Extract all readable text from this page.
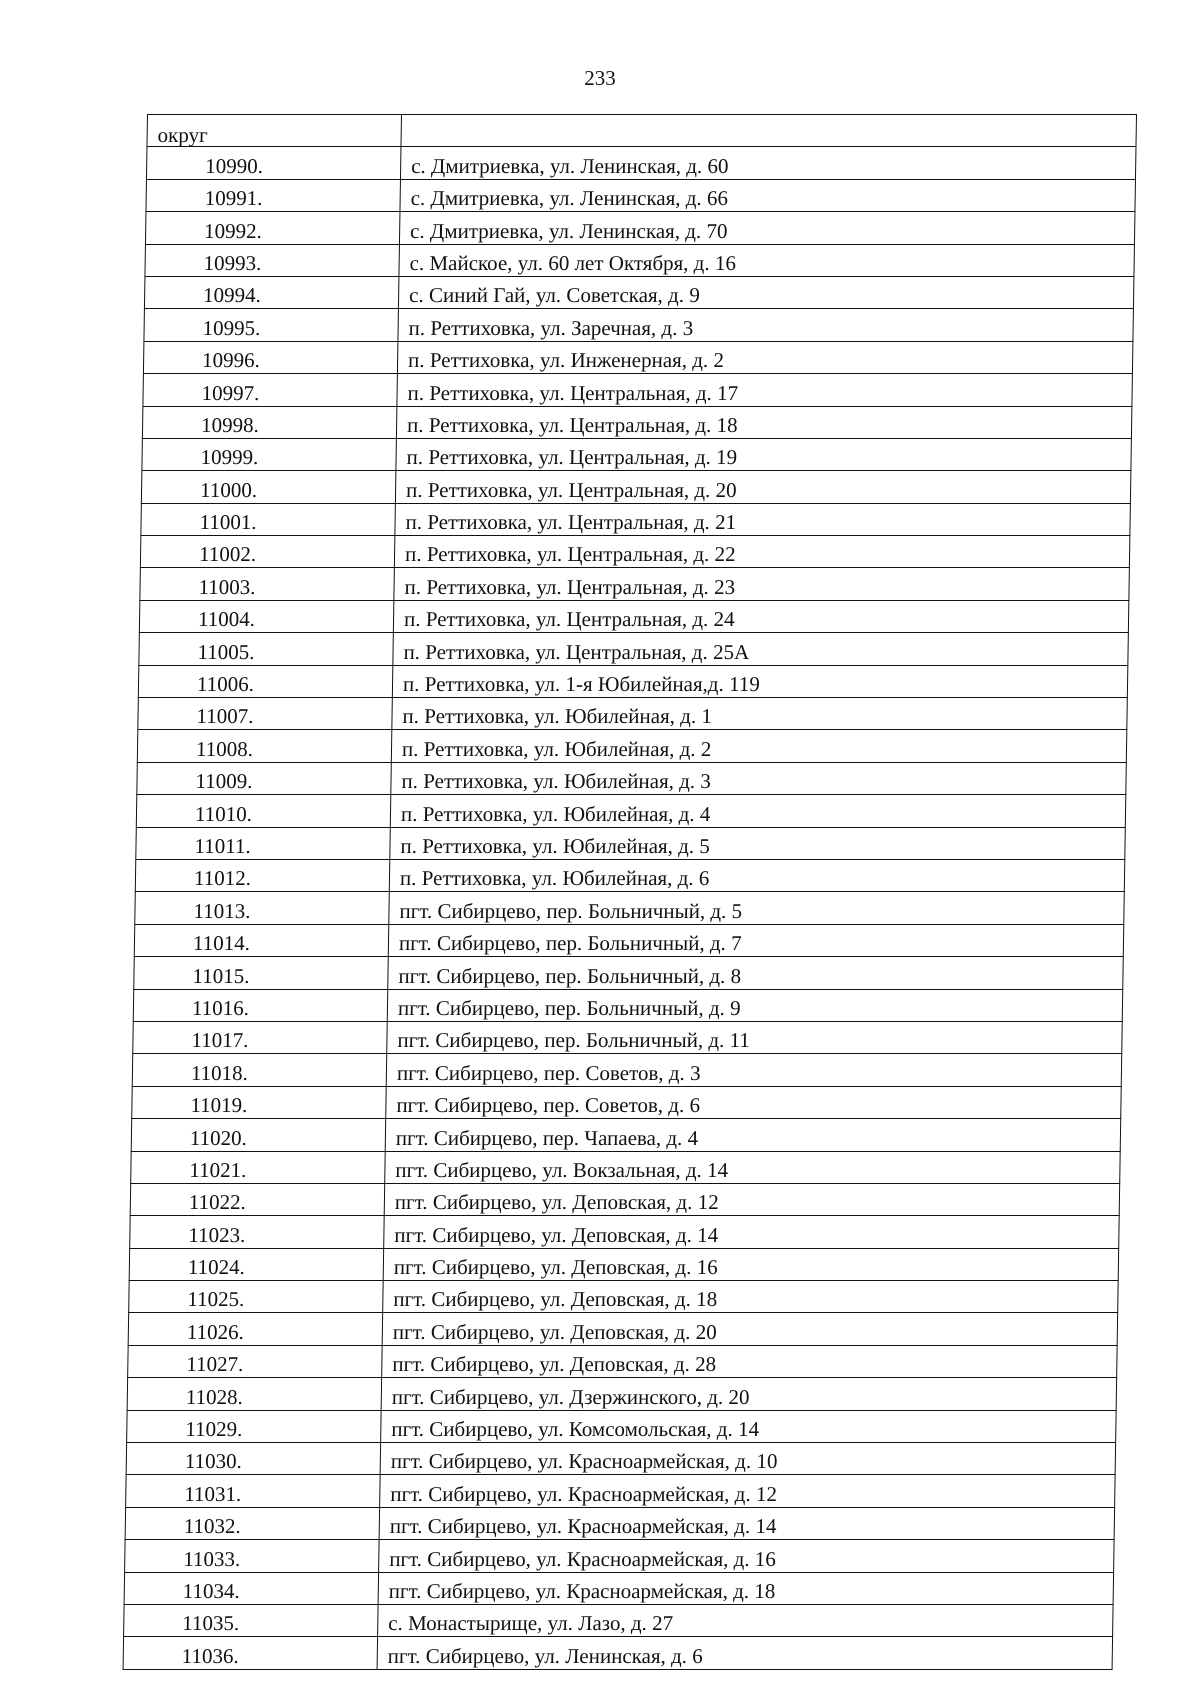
233
округ	
10990.	с. Дмитриевка, ул. Ленинская, д. 60
10991.	с. Дмитриевка, ул. Ленинская, д. 66
10992.	с. Дмитриевка, ул. Ленинская, д. 70
10993.	с. Майское, ул. 60 лет Октября, д. 16
10994.	с. Синий Гай, ул. Советская, д. 9
10995.	п. Реттиховка, ул. Заречная, д. 3
10996.	п. Реттиховка, ул. Инженерная, д. 2
10997.	п. Реттиховка, ул. Центральная, д. 17
10998.	п. Реттиховка, ул. Центральная, д. 18
10999.	п. Реттиховка, ул. Центральная, д. 19
11000.	п. Реттиховка, ул. Центральная, д. 20
11001.	п. Реттиховка, ул. Центральная, д. 21
11002.	п. Реттиховка, ул. Центральная, д. 22
11003.	п. Реттиховка, ул. Центральная, д. 23
11004.	п. Реттиховка, ул. Центральная, д. 24
11005.	п. Реттиховка, ул. Центральная, д. 25А
11006.	п. Реттиховка, ул. 1-я Юбилейная,д. 119
11007.	п. Реттиховка, ул. Юбилейная, д. 1
11008.	п. Реттиховка, ул. Юбилейная, д. 2
11009.	п. Реттиховка, ул. Юбилейная, д. 3
11010.	п. Реттиховка, ул. Юбилейная, д. 4
11011.	п. Реттиховка, ул. Юбилейная, д. 5
11012.	п. Реттиховка, ул. Юбилейная, д. 6
11013.	пгт. Сибирцево, пер. Больничный, д. 5
11014.	пгт. Сибирцево, пер. Больничный, д. 7
11015.	пгт. Сибирцево, пер. Больничный, д. 8
11016.	пгт. Сибирцево, пер. Больничный, д. 9
11017.	пгт. Сибирцево, пер. Больничный, д. 11
11018.	пгт. Сибирцево, пер. Советов, д. 3
11019.	пгт. Сибирцево, пер. Советов, д. 6
11020.	пгт. Сибирцево, пер. Чапаева, д. 4
11021.	пгт. Сибирцево, ул. Вокзальная, д. 14
11022.	пгт. Сибирцево, ул. Деповская, д. 12
11023.	пгт. Сибирцево, ул. Деповская, д. 14
11024.	пгт. Сибирцево, ул. Деповская, д. 16
11025.	пгт. Сибирцево, ул. Деповская, д. 18
11026.	пгт. Сибирцево, ул. Деповская, д. 20
11027.	пгт. Сибирцево, ул. Деповская, д. 28
11028.	пгт. Сибирцево, ул. Дзержинского, д. 20
11029.	пгт. Сибирцево, ул. Комсомольская, д. 14
11030.	пгт. Сибирцево, ул. Красноармейская, д. 10
11031.	пгт. Сибирцево, ул. Красноармейская, д. 12
11032.	пгт. Сибирцево, ул. Красноармейская, д. 14
11033.	пгт. Сибирцево, ул. Красноармейская, д. 16
11034.	пгт. Сибирцево, ул. Красноармейская, д. 18
11035.	с. Монастырище, ул. Лазо, д. 27
11036.	пгт. Сибирцево, ул. Ленинская, д. 6
